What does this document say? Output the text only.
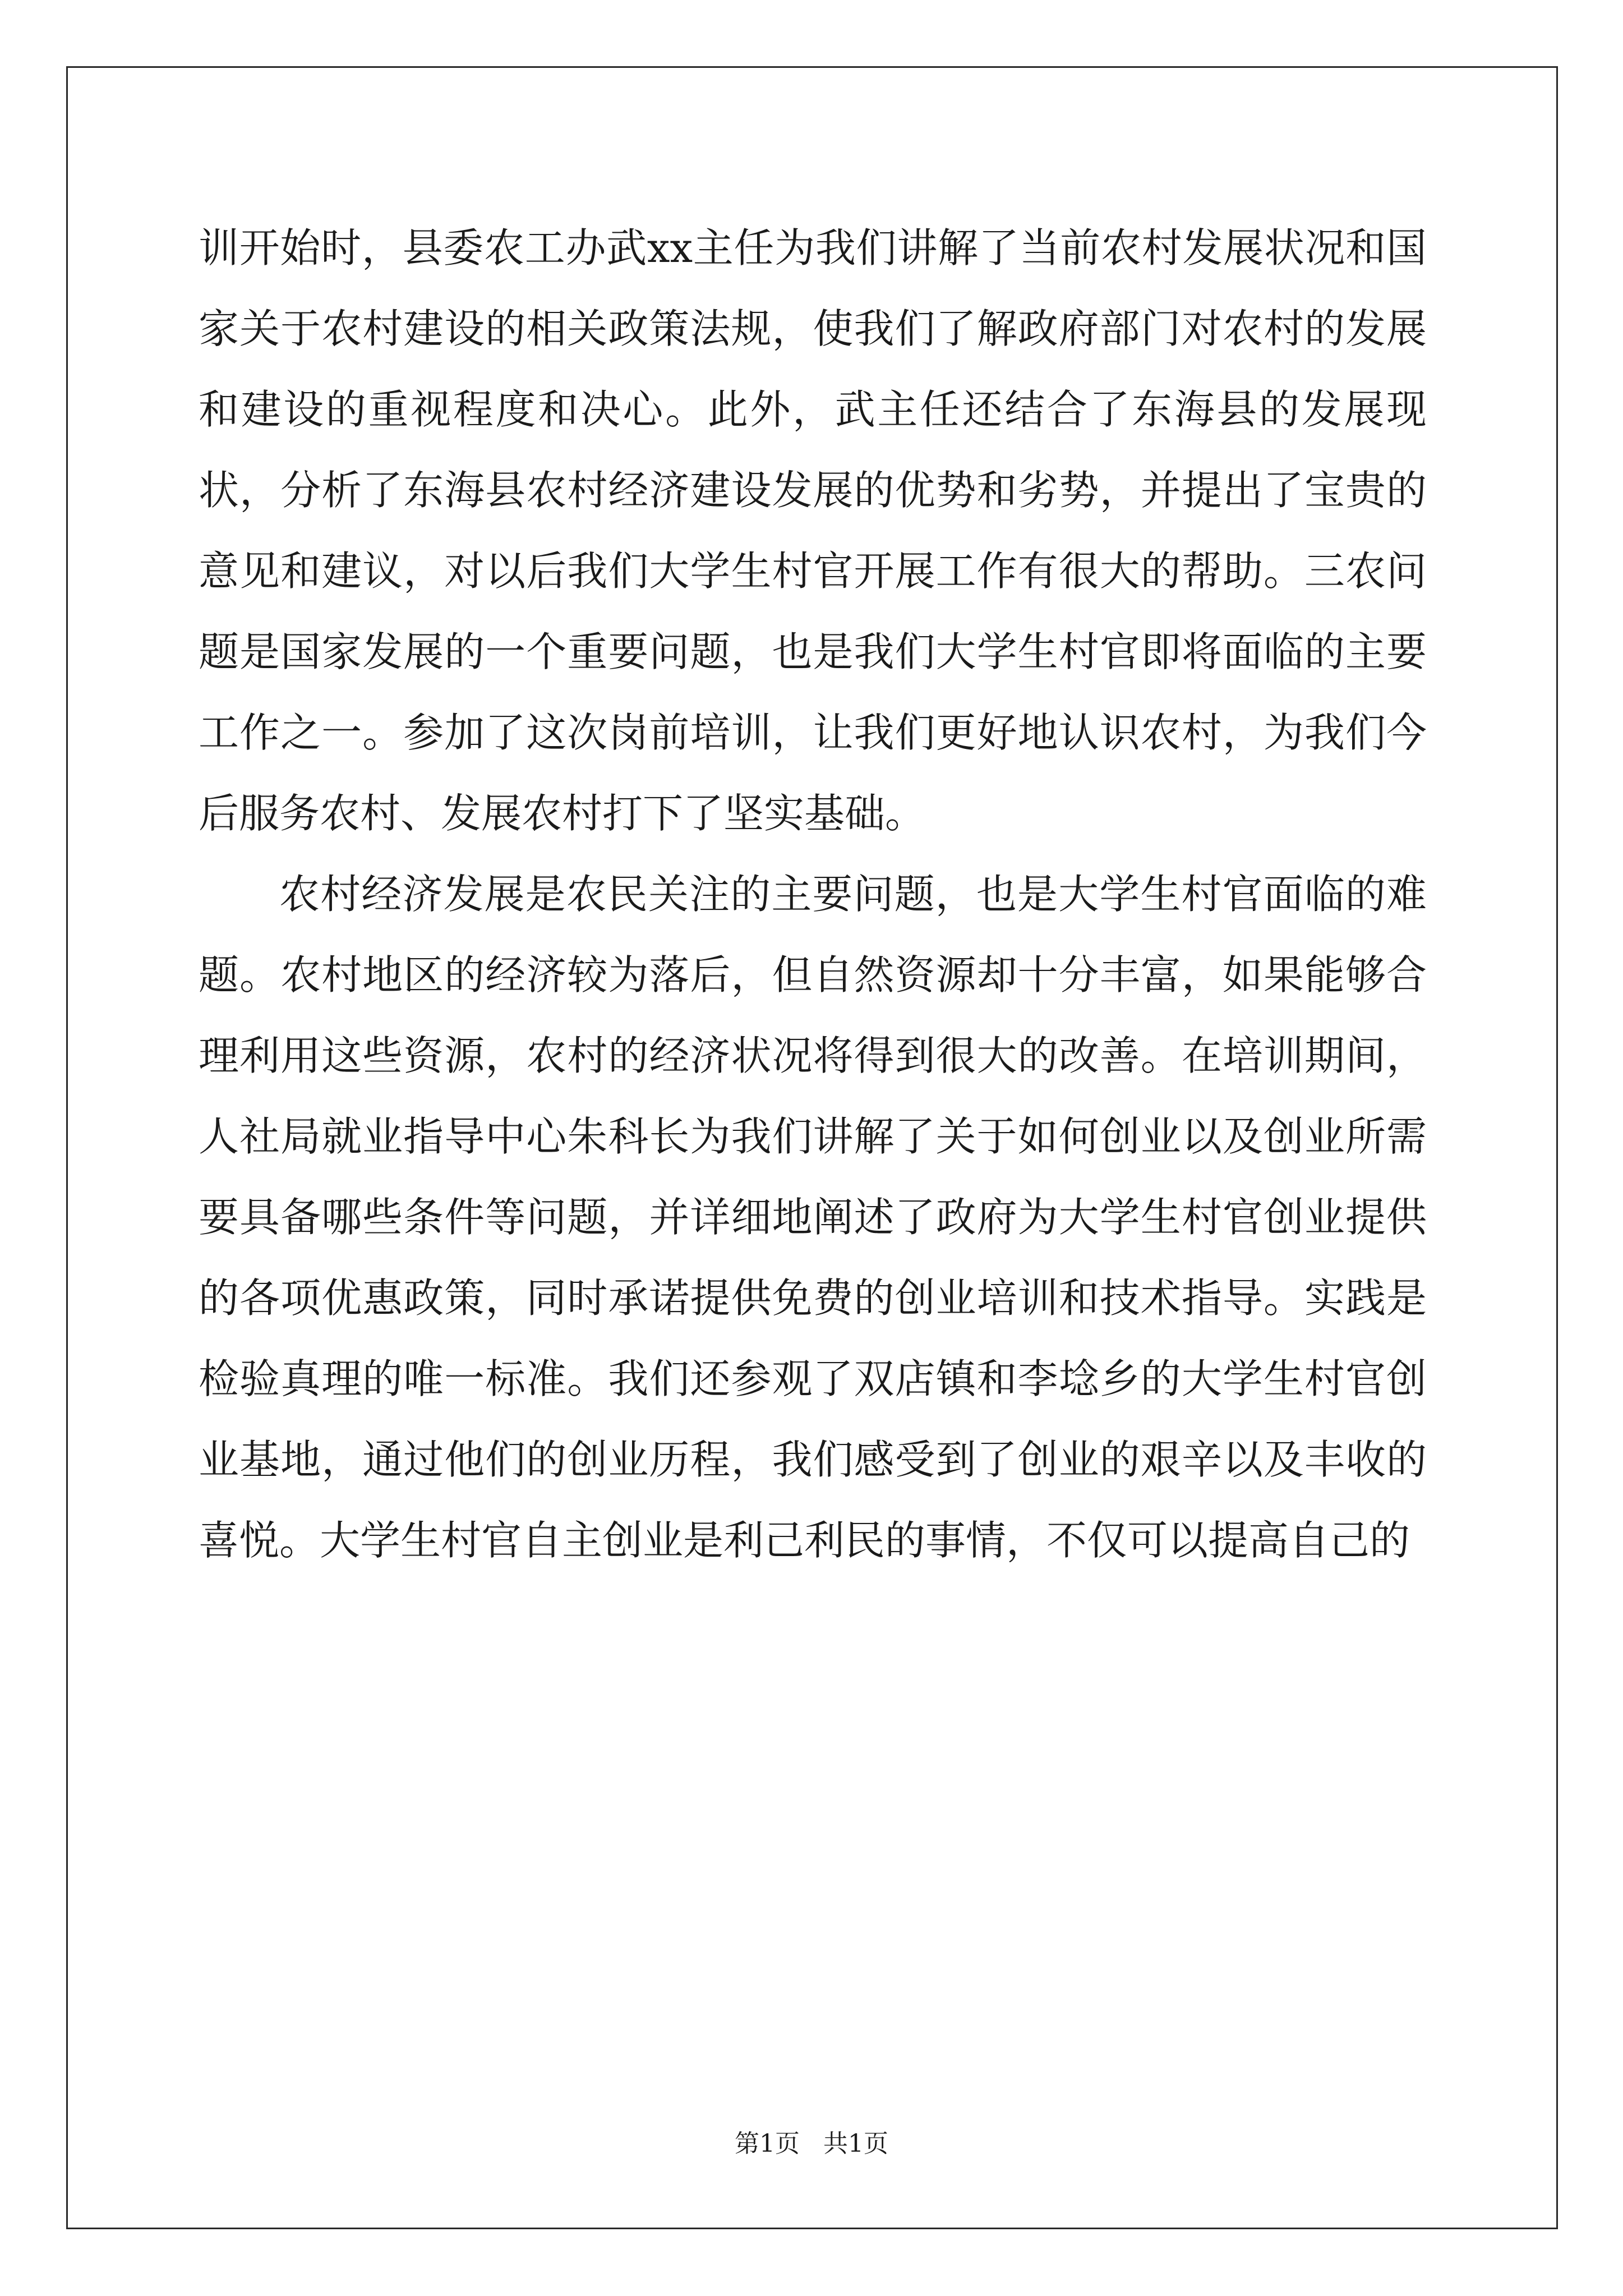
训开始时，县委农工办武xx主任为我们讲解了当前农村发展状况和国家关于农村建设的相关政策法规，使我们了解政府部门对农村的发展和建设的重视程度和决心。此外，武主任还结合了东海县的发展现状，分析了东海县农村经济建设发展的优势和劣势，并提出了宝贵的意见和建议，对以后我们大学生村官开展工作有很大的帮助。三农问题是国家发展的一个重要问题，也是我们大学生村官即将面临的主要工作之一。参加了这次岗前培训，让我们更好地认识农村，为我们今后服务农村、发展农村打下了坚实基础。

农村经济发展是农民关注的主要问题，也是大学生村官面临的难题。农村地区的经济较为落后，但自然资源却十分丰富，如果能够合理利用这些资源，农村的经济状况将得到很大的改善。在培训期间，人社局就业指导中心朱科长为我们讲解了关于如何创业以及创业所需要具备哪些条件等问题，并详细地阐述了政府为大学生村官创业提供的各项优惠政策，同时承诺提供免费的创业培训和技术指导。实践是检验真理的唯一标准。我们还参观了双店镇和李埝乡的大学生村官创业基地，通过他们的创业历程，我们感受到了创业的艰辛以及丰收的喜悦。大学生村官自主创业是利己利民的事情，不仅可以提高自己的

第1页   共1页
